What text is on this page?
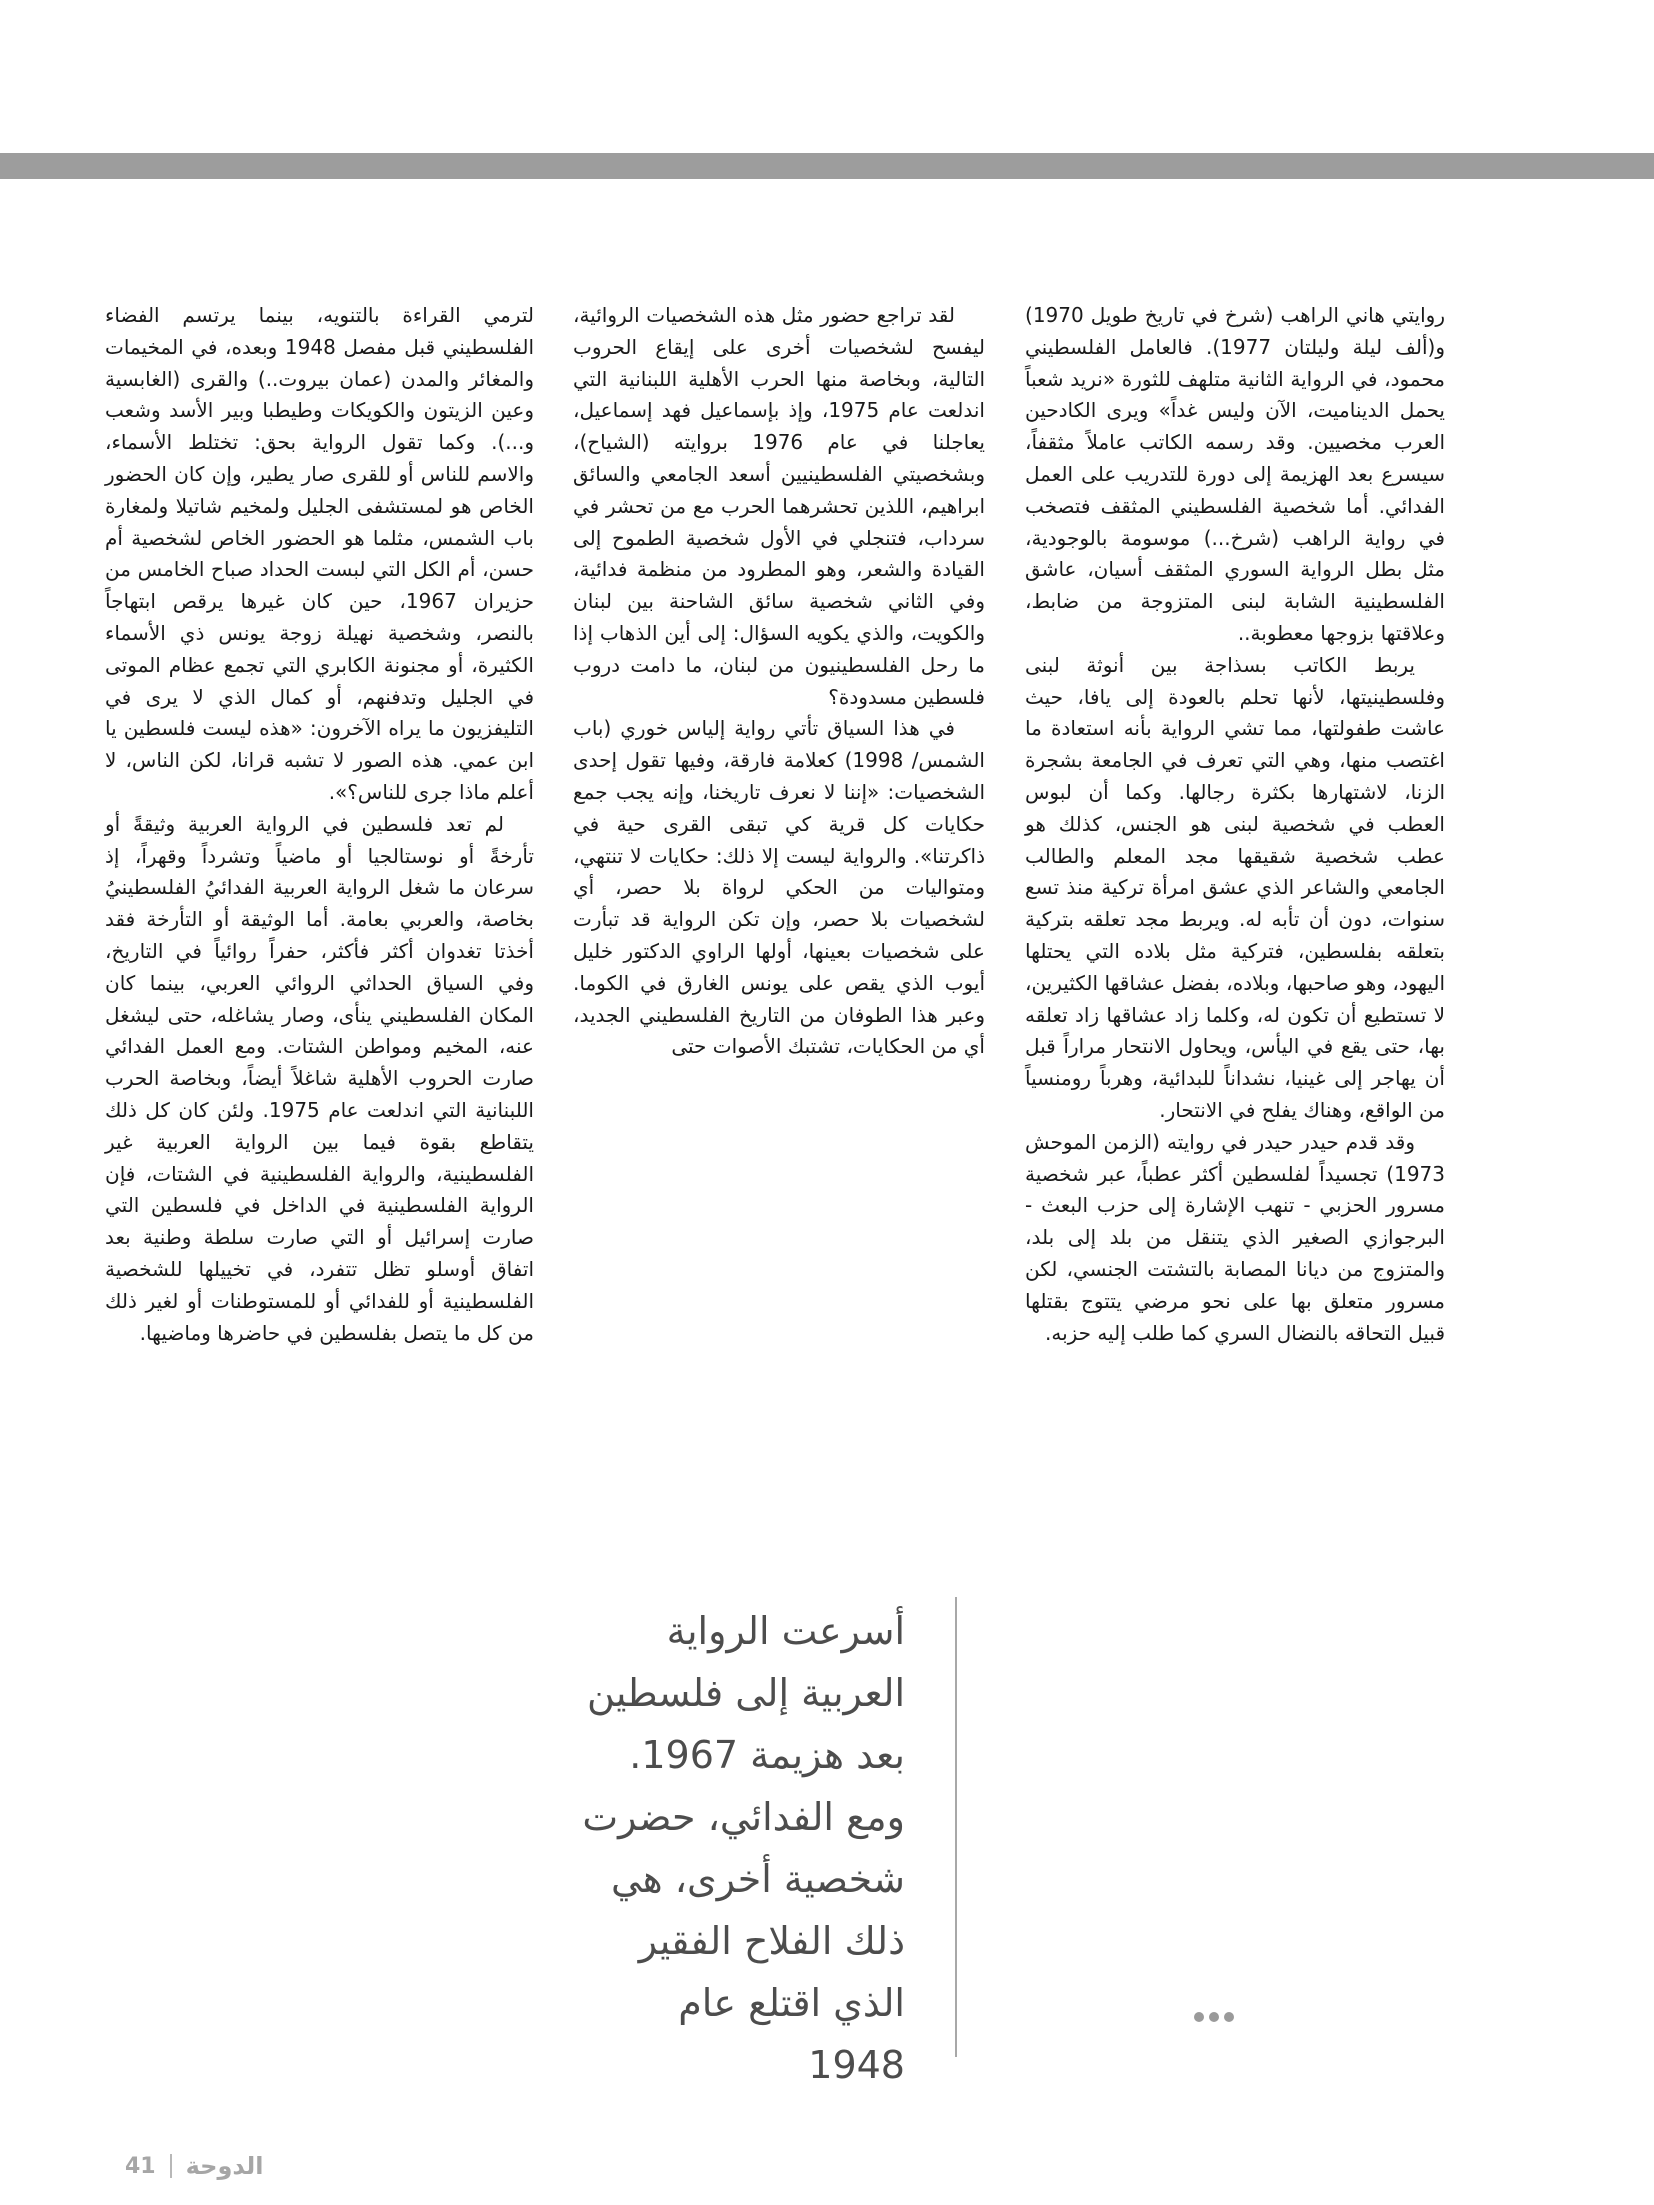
روايتي هاني الراهب (شرخ في تاريخ طويل 1970) و(ألف ليلة وليلتان 1977). فالعامل الفلسطيني محمود، في الرواية الثانية متلهف للثورة «نريد شعباً يحمل الديناميت، الآن وليس غداً» ويرى الكادحين العرب مخصيين. وقد رسمه الكاتب عاملاً مثقفاً، سيسرع بعد الهزيمة إلى دورة للتدريب على العمل الفدائي. أما شخصية الفلسطيني المثقف فتصخب في رواية الراهب (شرخ...) موسومة بالوجودية، مثل بطل الرواية السوري المثقف أسيان، عاشق الفلسطينية الشابة لبنى المتزوجة من ضابط، وعلاقتها بزوجها معطوبة..

يربط الكاتب بسذاجة بين أنوثة لبنى وفلسطينيتها، لأنها تحلم بالعودة إلى يافا، حيث عاشت طفولتها، مما تشي الرواية بأنه استعادة ما اغتصب منها، وهي التي تعرف في الجامعة بشجرة الزنا، لاشتهارها بكثرة رجالها. وكما أن لبوس العطب في شخصية لبنى هو الجنس، كذلك هو عطب شخصية شقيقها مجد المعلم والطالب الجامعي والشاعر الذي عشق امرأة تركية منذ تسع سنوات، دون أن تأبه له. ويربط مجد تعلقه بتركية بتعلقه بفلسطين، فتركية مثل بلاده التي يحتلها اليهود، وهو صاحبها، وبلاده، بفضل عشاقها الكثيرين، لا تستطيع أن تكون له، وكلما زاد عشاقها زاد تعلقه بها، حتى يقع في اليأس، ويحاول الانتحار مراراً قبل أن يهاجر إلى غينيا، نشداناً للبدائية، وهرباً رومنسياً من الواقع، وهناك يفلح في الانتحار.

وقد قدم حيدر حيدر في روايته (الزمن الموحش 1973) تجسيداً لفلسطين أكثر عطباً، عبر شخصية مسرور الحزبي - تنهب الإشارة إلى حزب البعث - البرجوازي الصغير الذي يتنقل من بلد إلى بلد، والمتزوج من ديانا المصابة بالتشتت الجنسي، لكن مسرور متعلق بها على نحو مرضي يتتوج بقتلها قبيل التحاقه بالنضال السري كما طلب إليه حزبه.

لقد تراجع حضور مثل هذه الشخصيات الروائية، ليفسح لشخصيات أخرى على إيقاع الحروب التالية، وبخاصة منها الحرب الأهلية اللبنانية التي اندلعت عام 1975، وإذ بإسماعيل فهد إسماعيل، يعاجلنا في عام 1976 بروايته (الشياح)، وبشخصيتي الفلسطينيين أسعد الجامعي والسائق ابراهيم، اللذين تحشرهما الحرب مع من تحشر في سرداب، فتنجلي في الأول شخصية الطموح إلى القيادة والشعر، وهو المطرود من منظمة فدائية، وفي الثاني شخصية سائق الشاحنة بين لبنان والكويت، والذي يكويه السؤال: إلى أين الذهاب إذا ما رحل الفلسطينيون من لبنان، ما دامت دروب فلسطين مسدودة؟

في هذا السياق تأتي رواية إلياس خوري (باب الشمس/ 1998) كعلامة فارقة، وفيها تقول إحدى الشخصيات: «إننا لا نعرف تاريخنا، وإنه يجب جمع حكايات كل قرية كي تبقى القرى حية في ذاكرتنا». والرواية ليست إلا ذلك: حكايات لا تنتهي، ومتواليات من الحكي لرواة بلا حصر، أي لشخصيات بلا حصر، وإن تكن الرواية قد تبأرت على شخصيات بعينها، أولها الراوي الدكتور خليل أيوب الذي يقص على يونس الغارق في الكوما. وعبر هذا الطوفان من التاريخ الفلسطيني الجديد، أي من الحكايات، تشتبك الأصوات حتى

لترمي القراءة بالتنويه، بينما يرتسم الفضاء الفلسطيني قبل مفصل 1948 وبعده، في المخيمات والمغائر والمدن (عمان بيروت..) والقرى (الغابسية وعين الزيتون والكويكات وطيطبا وبير الأسد وشعب و...). وكما تقول الرواية بحق: تختلط الأسماء، والاسم للناس أو للقرى صار يطير، وإن كان الحضور الخاص هو لمستشفى الجليل ولمخيم شاتيلا ولمغارة باب الشمس، مثلما هو الحضور الخاص لشخصية أم حسن، أم الكل التي لبست الحداد صباح الخامس من حزيران 1967، حين كان غيرها يرقص ابتهاجاً بالنصر، وشخصية نهيلة زوجة يونس ذي الأسماء الكثيرة، أو مجنونة الكابري التي تجمع عظام الموتى في الجليل وتدفنهم، أو كمال الذي لا يرى في التليفزيون ما يراه الآخرون: «هذه ليست فلسطين يا ابن عمي. هذه الصور لا تشبه قرانا، لكن الناس، لا أعلم ماذا جرى للناس؟».

لم تعد فلسطين في الرواية العربية وثيقةً أو تأرخةً أو نوستالجيا أو ماضياً وتشرداً وقهراً، إذ سرعان ما شغل الرواية العربية الفدائيُ الفلسطينيُ بخاصة، والعربي بعامة. أما الوثيقة أو التأرخة فقد أخذتا تغدوان أكثر فأكثر، حفراً روائياً في التاريخ، وفي السياق الحداثي الروائي العربي، بينما كان المكان الفلسطيني ينأى، وصار يشاغله، حتى ليشغل عنه، المخيم ومواطن الشتات. ومع العمل الفدائي صارت الحروب الأهلية شاغلاً أيضاً، وبخاصة الحرب اللبنانية التي اندلعت عام 1975. ولئن كان كل ذلك يتقاطع بقوة فيما بين الرواية العربية غير الفلسطينية، والرواية الفلسطينية في الشتات، فإن الرواية الفلسطينية في الداخل في فلسطين التي صارت إسرائيل أو التي صارت سلطة وطنية بعد اتفاق أوسلو تظل تتفرد، في تخييلها للشخصية الفلسطينية أو للفدائي أو للمستوطنات أو لغير ذلك من كل ما يتصل بفلسطين في حاضرها وماضيها.

أسرعت الرواية العربية إلى فلسطين بعد هزيمة 1967. ومع الفدائي، حضرت شخصية أخرى، هي ذلك الفلاح الفقير الذي اقتلع عام 1948
41 الدوحة
